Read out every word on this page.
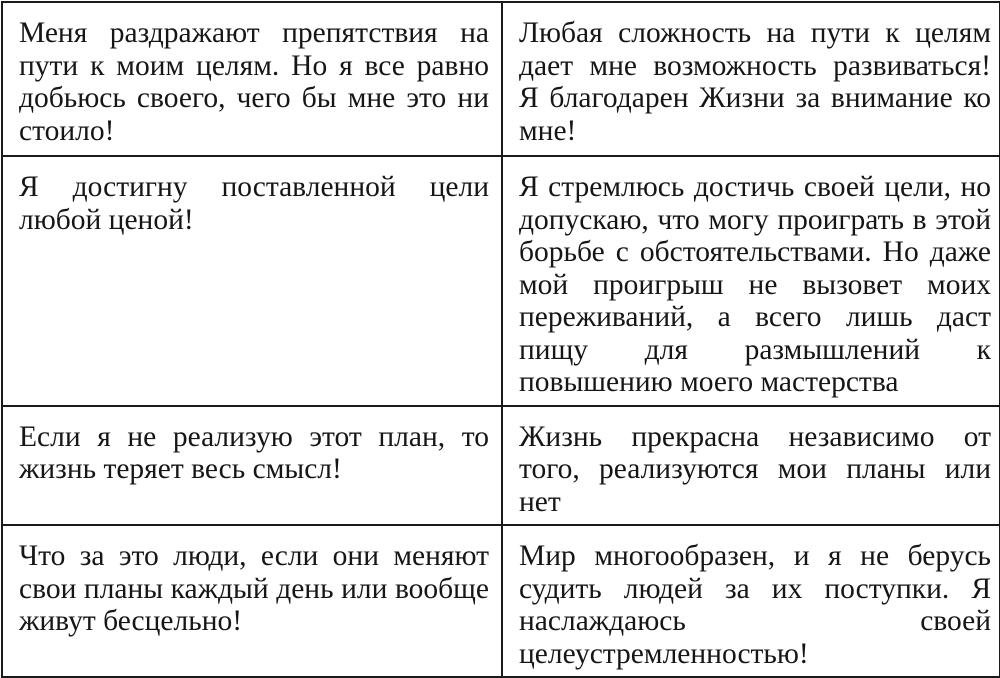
Меня раздражают препятствия на пути к моим целям. Но я все равно добьюсь своего, чего бы мне это ни стоило!	Любая сложность на пути к целям дает мне возможность развиваться! Я благодарен Жизни за внимание ко мне!
Я достигну поставленной цели любой ценой!	Я стремлюсь достичь своей цели, но допускаю, что могу проиграть в этой борьбе с обстоятельствами. Но даже мой проигрыш не вызовет моих переживаний, а всего лишь даст пищу для размышлений к повышению моего мастерства
Если я не реализую этот план, то жизнь теряет весь смысл!	Жизнь прекрасна независимо от того, реализуются мои планы или нет
Что за это люди, если они меняют свои планы каждый день или вообще живут бесцельно!	Мир многообразен, и я не берусь судить людей за их поступки. Я наслаждаюсь своей целеустремленностью!
